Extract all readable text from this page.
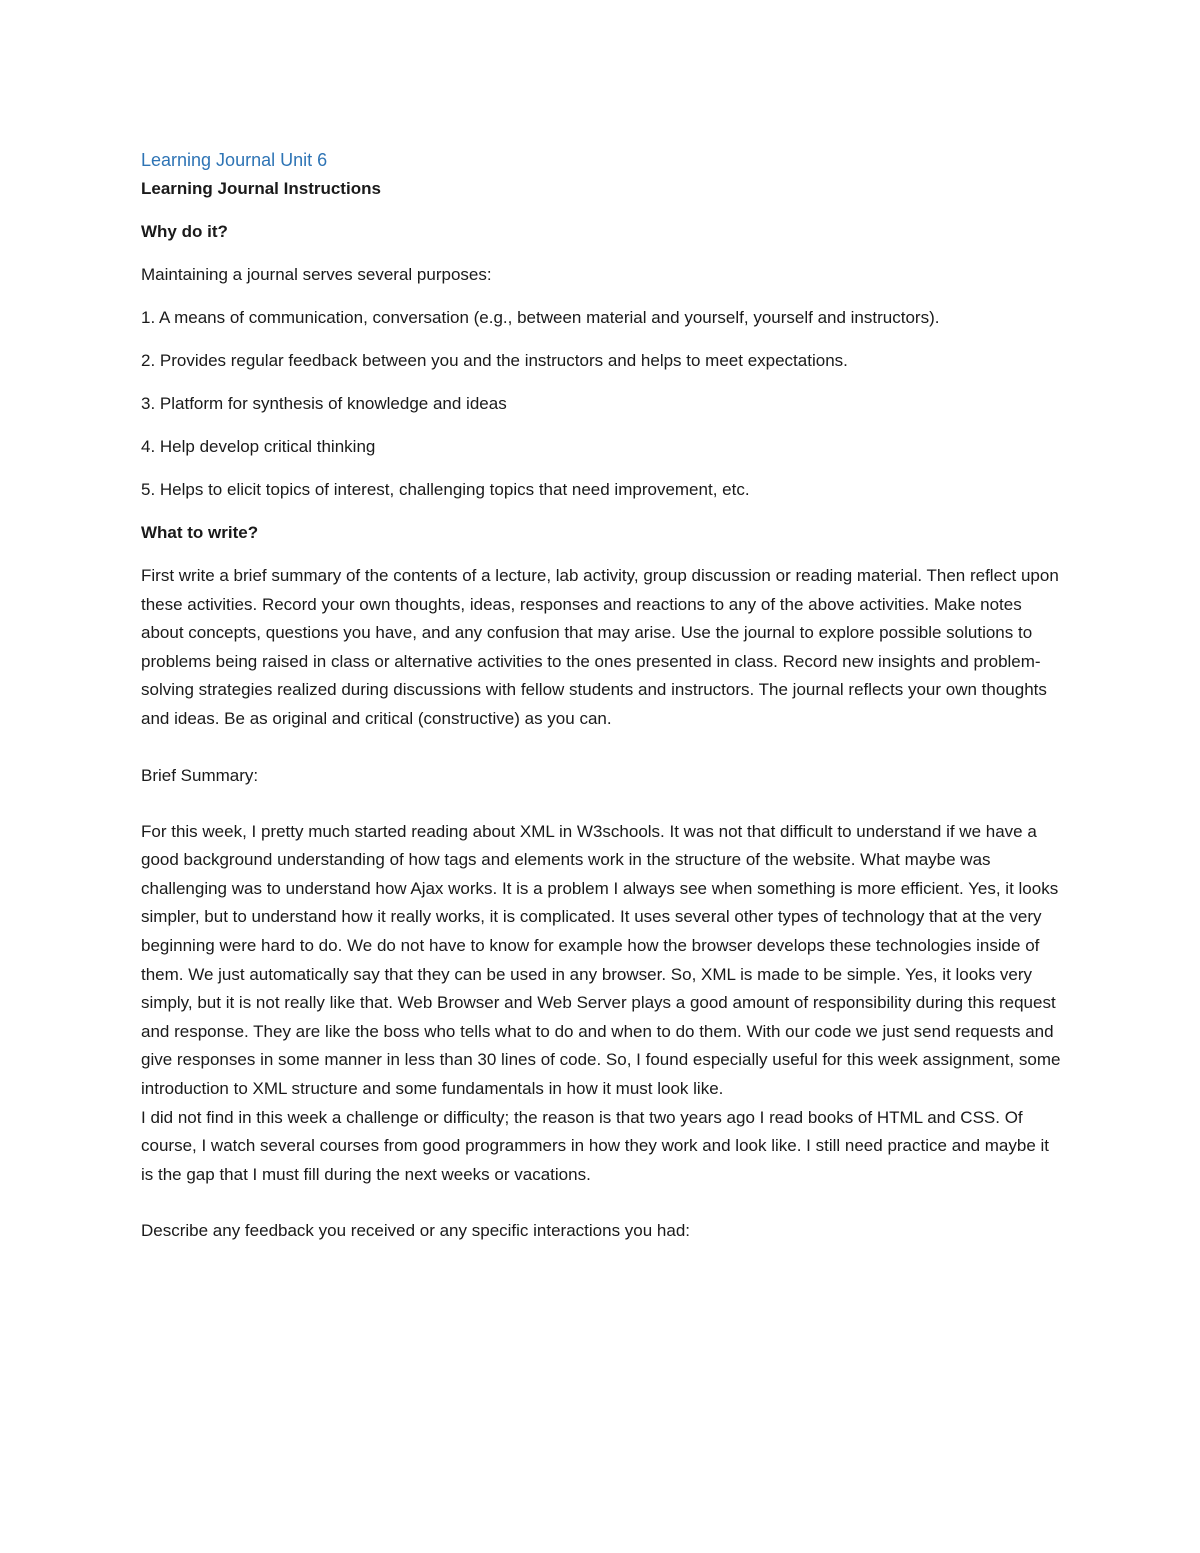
Learning Journal Unit 6
Learning Journal Instructions
Why do it?
Maintaining a journal serves several purposes:
1. A means of communication, conversation (e.g., between material and yourself, yourself and instructors).
2. Provides regular feedback between you and the instructors and helps to meet expectations.
3. Platform for synthesis of knowledge and ideas
4. Help develop critical thinking
5. Helps to elicit topics of interest, challenging topics that need improvement, etc.
What to write?
First write a brief summary of the contents of a lecture, lab activity, group discussion or reading material. Then reflect upon these activities. Record your own thoughts, ideas, responses and reactions to any of the above activities. Make notes about concepts, questions you have, and any confusion that may arise. Use the journal to explore possible solutions to problems being raised in class or alternative activities to the ones presented in class. Record new insights and problem-solving strategies realized during discussions with fellow students and instructors. The journal reflects your own thoughts and ideas. Be as original and critical (constructive) as you can.
Brief Summary:
For this week, I pretty much started reading about XML in W3schools. It was not that difficult to understand if we have a good background understanding of how tags and elements work in the structure of the website. What maybe was challenging was to understand how Ajax works. It is a problem I always see when something is more efficient. Yes, it looks simpler, but to understand how it really works, it is complicated. It uses several other types of technology that at the very beginning were hard to do. We do not have to know for example how the browser develops these technologies inside of them. We just automatically say that they can be used in any browser. So, XML is made to be simple. Yes, it looks very simply, but it is not really like that. Web Browser and Web Server plays a good amount of responsibility during this request and response. They are like the boss who tells what to do and when to do them. With our code we just send requests and give responses in some manner in less than 30 lines of code. So, I found especially useful for this week assignment, some introduction to XML structure and some fundamentals in how it must look like.
I did not find in this week a challenge or difficulty; the reason is that two years ago I read books of HTML and CSS. Of course, I watch several courses from good programmers in how they work and look like. I still need practice and maybe it is the gap that I must fill during the next weeks or vacations.
Describe any feedback you received or any specific interactions you had:
